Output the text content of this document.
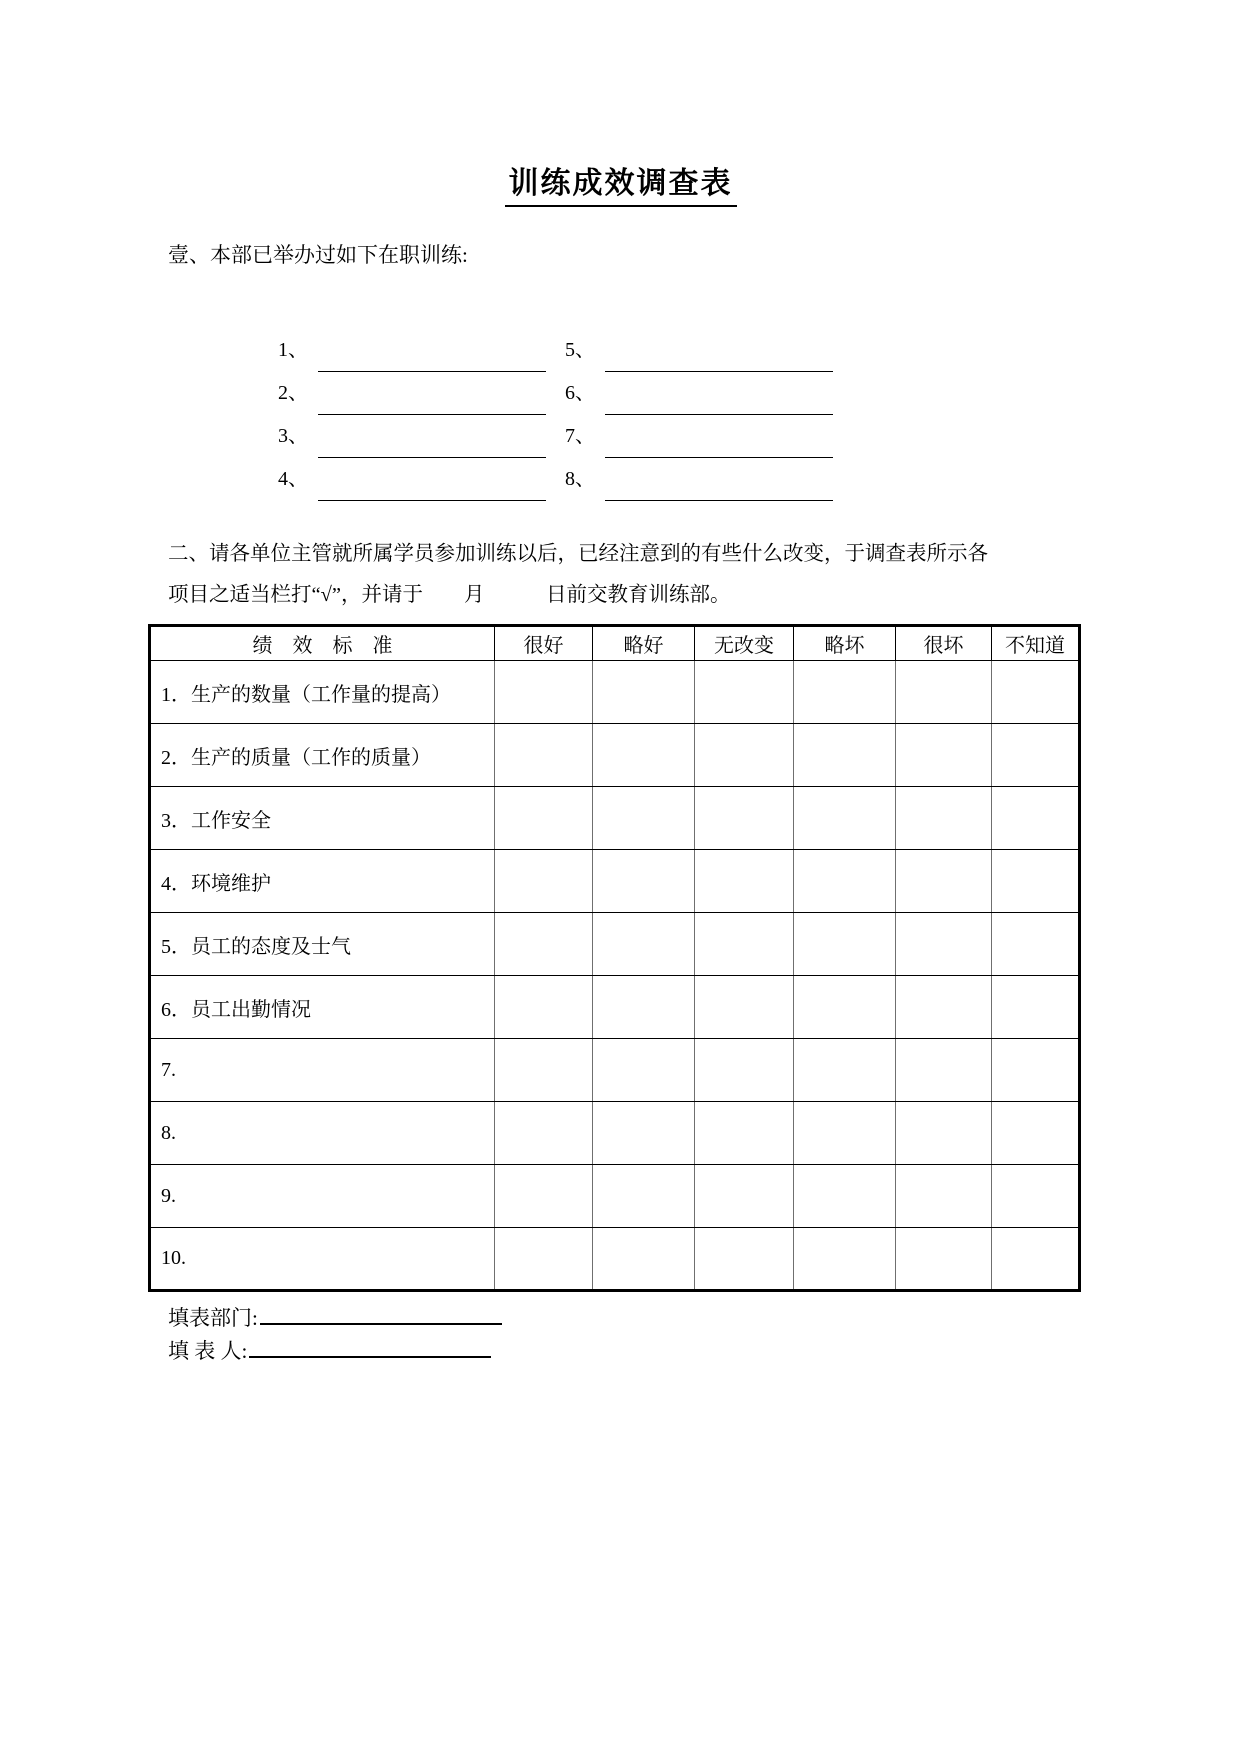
训练成效调查表
壹、本部已举办过如下在职训练:
1、	5、
2、	6、
3、	7、
4、	8、
二、请各单位主管就所属学员参加训练以后，已经注意到的有些什么改变，于调查表所示各
项目之适当栏打“√”，并请于　　月　　　日前交教育训练部。
绩　效　标　准	很好	略好	无改变	略坏	很坏	不知道
1．生产的数量（工作量的提高）						
2．生产的质量（工作的质量）						
3．工作安全						
4．环境维护						
5．员工的态度及士气						
6．员工出勤情况						
7.						
8.						
9.						
10.						
填表部门:
填 表 人:
